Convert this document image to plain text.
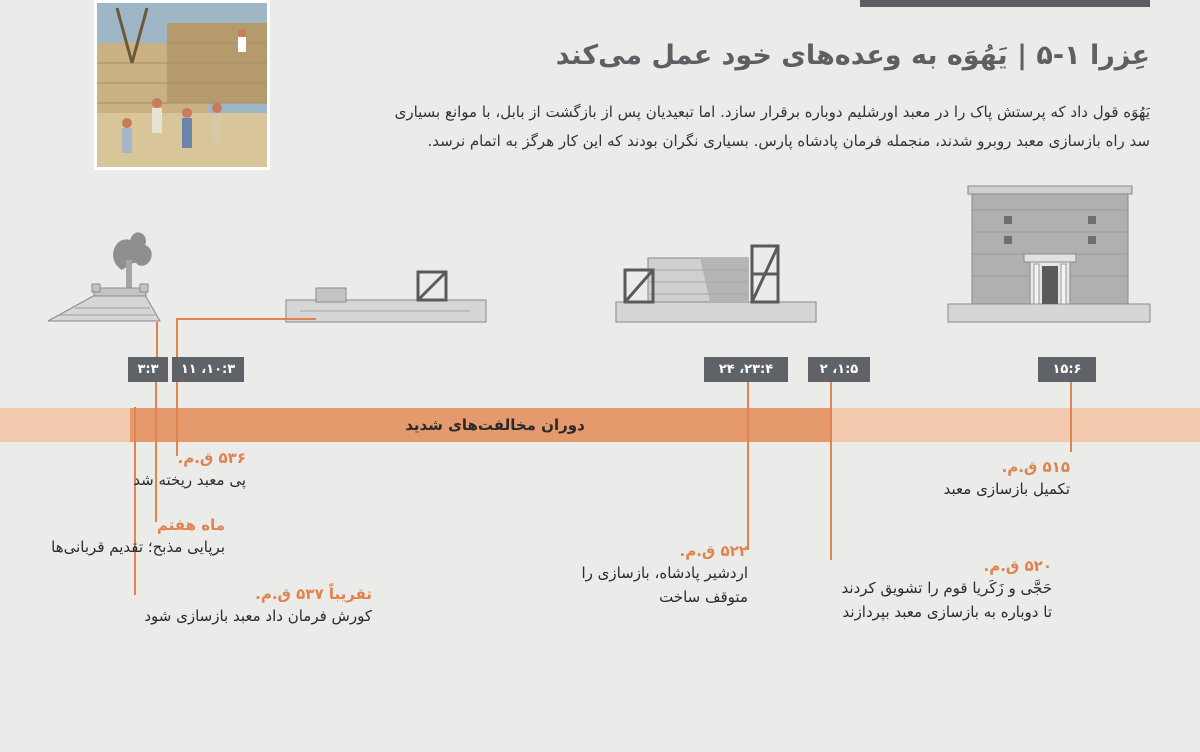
عِزرا ۱-۵ | یَهُوَه به وعده‌های خود عمل می‌کند
یَهُوَه قول داد که پرستش پاک را در معبد اورشلیم دوباره برقرار سازد. اما تبعیدیان پس از بازگشت از بابل، با موانع بسیاری
سد راه بازسازی معبد روبرو شدند، منجمله فرمان پادشاه پارس. بسیاری نگران بودند که این کار هرگز به اتمام نرسد.
۳:۳	۱۰:۳، ۱۱	۲۳:۴، ۲۴	۱:۵، ۲	۱۵:۶
دوران مخالفت‌های شدید
۵۳۶ ق.م.
پی معبد ریخته شد
ماه هفتم
برپایی مذبح؛ تقدیم قربانی‌ها
تقریباً ۵۳۷ ق.م.
کورش فرمان داد معبد بازسازی شود
۵۲۲ ق.م.
اردشیر پادشاه، بازسازی را
متوقف ساخت
۵۲۰ ق.م.
حَجَّی و زَکَریا قوم را تشویق کردند
تا دوباره به بازسازی معبد بپردازند
۵۱۵ ق.م.
تکمیل بازسازی معبد
